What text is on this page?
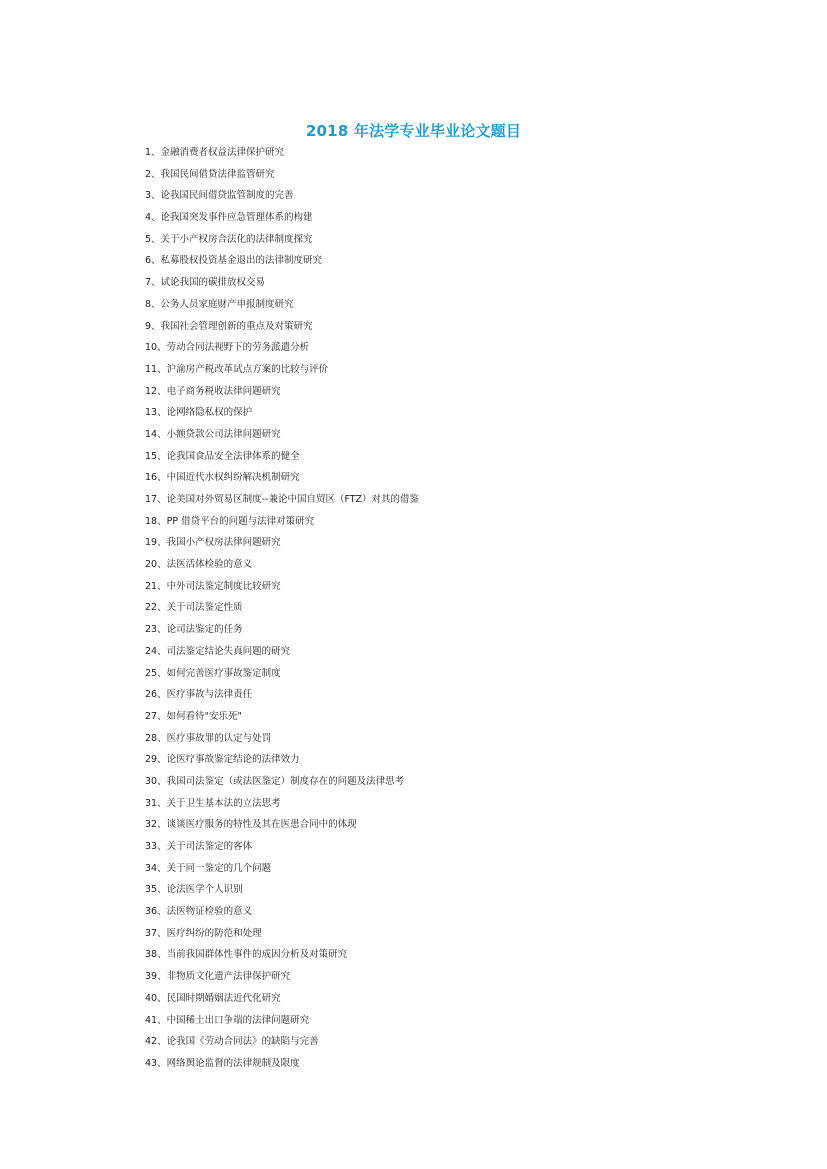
2018 年法学专业毕业论文题目
1、金融消费者权益法律保护研究
2、我国民间借贷法律监管研究
3、论我国民间借贷监管制度的完善
4、论我国突发事件应急管理体系的构建
5、关于小产权房合法化的法律制度探究
6、私募股权投资基金退出的法律制度研究
7、试论我国的碳排放权交易
8、公务人员家庭财产申报制度研究
9、我国社会管理创新的重点及对策研究
10、劳动合同法视野下的劳务派遣分析
11、沪渝房产税改革试点方案的比较与评价
12、电子商务税收法律问题研究
13、论网络隐私权的保护
14、小额贷款公司法律问题研究
15、论我国食品安全法律体系的健全
16、中国近代水权纠纷解决机制研究
17、论美国对外贸易区制度--兼论中国自贸区（FTZ）对其的借鉴
18、PP 借贷平台的问题与法律对策研究
19、我国小产权房法律问题研究
20、法医活体检验的意义
21、中外司法鉴定制度比较研究
22、关于司法鉴定性质
23、论司法鉴定的任务
24、司法鉴定结论失真问题的研究
25、如何完善医疗事故鉴定制度
26、医疗事故与法律责任
27、如何看待"安乐死"
28、医疗事故罪的认定与处罚
29、论医疗事故鉴定结论的法律效力
30、我国司法鉴定（或法医鉴定）制度存在的问题及法律思考
31、关于卫生基本法的立法思考
32、谈谈医疗服务的特性及其在医患合同中的体现
33、关于司法鉴定的客体
34、关于同一鉴定的几个问题
35、论法医学个人识别
36、法医物证检验的意义
37、医疗纠纷的防范和处理
38、当前我国群体性事件的成因分析及对策研究
39、非物质文化遗产法律保护研究
40、民国时期婚姻法近代化研究
41、中国稀土出口争端的法律问题研究
42、论我国《劳动合同法》的缺陷与完善
43、网络舆论监督的法律规制及限度
